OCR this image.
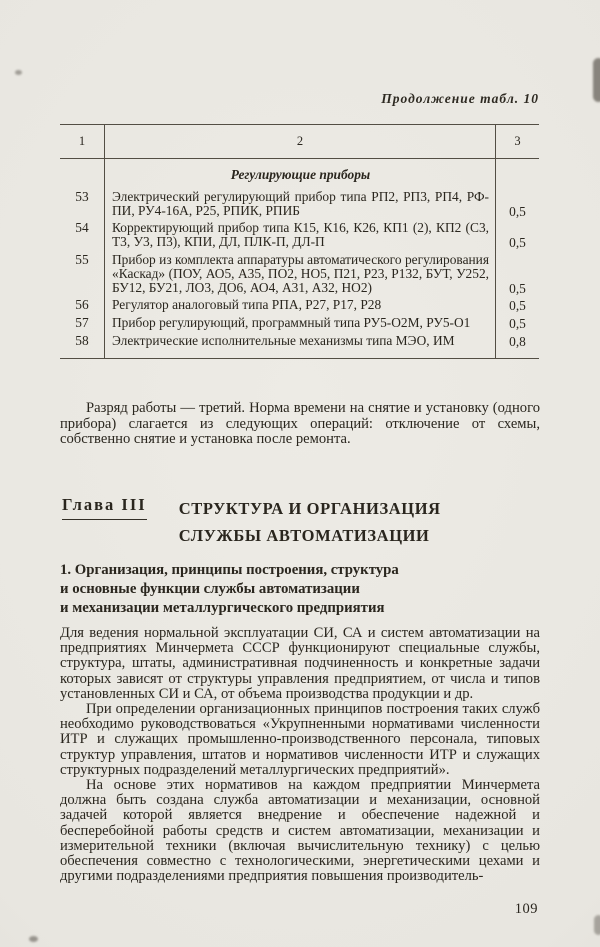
Продолжение табл. 10
1	2	3
Регулирующие приборы
53	Электрический регулирующий прибор типа РП2, РП3, РП4, РФ-ПИ, РУ4-16А, Р25, РПИК, РПИБ	0,5
54	Корректирующий прибор типа К15, К16, К26, КП1 (2), КП2 (С3, Т3, У3, П3), КПИ, ДЛ, ПЛК-П, ДЛ-П	0,5
55	Прибор из комплекта аппаратуры автоматического регулирования «Каскад» (ПОУ, АО5, А35, ПО2, НО5, П21, Р23, Р132, БУТ, У252, БУ12, БУ21, ЛО3, ДО6, АО4, А31, А32, НО2)	0,5
56	Регулятор аналоговый типа РПА, Р27, Р17, Р28	0,5
57	Прибор регулирующий, программный типа РУ5-О2М, РУ5-О1	0,5
58	Электрические исполнительные механизмы типа МЭО, ИМ	0,8

Разряд работы — третий. Норма времени на снятие и установку (одного прибора) слагается из следующих операций: отключение от схемы, собственно снятие и установка после ремонта.

Глава III СТРУКТУРА И ОРГАНИЗАЦИЯ
СЛУЖБЫ АВТОМАТИЗАЦИИ
1. Организация, принципы построения, структура
и основные функции службы автоматизации
и механизации металлургического предприятия

Для ведения нормальной эксплуатации СИ, СА и систем автоматизации на предприятиях Минчермета СССР функционируют специальные службы, структура, штаты, административная подчиненность и конкретные задачи которых зависят от структуры управления предприятием, от числа и типов установленных СИ и СА, от объема производства продукции и др.

При определении организационных принципов построения таких служб необходимо руководствоваться «Укрупненными нормативами численности ИТР и служащих промышленно-производственного персонала, типовых структур управления, штатов и нормативов численности ИТР и служащих структурных подразделений металлургических предприятий».

На основе этих нормативов на каждом предприятии Минчермета должна быть создана служба автоматизации и механизации, основной задачей которой является внедрение и обеспечение надежной и бесперебойной работы средств и систем автоматизации, механизации и измерительной техники (включая вычислительную технику) с целью обеспечения совместно с технологическими, энергетическими цехами и другими подразделениями предприятия повышения производитель-

109
